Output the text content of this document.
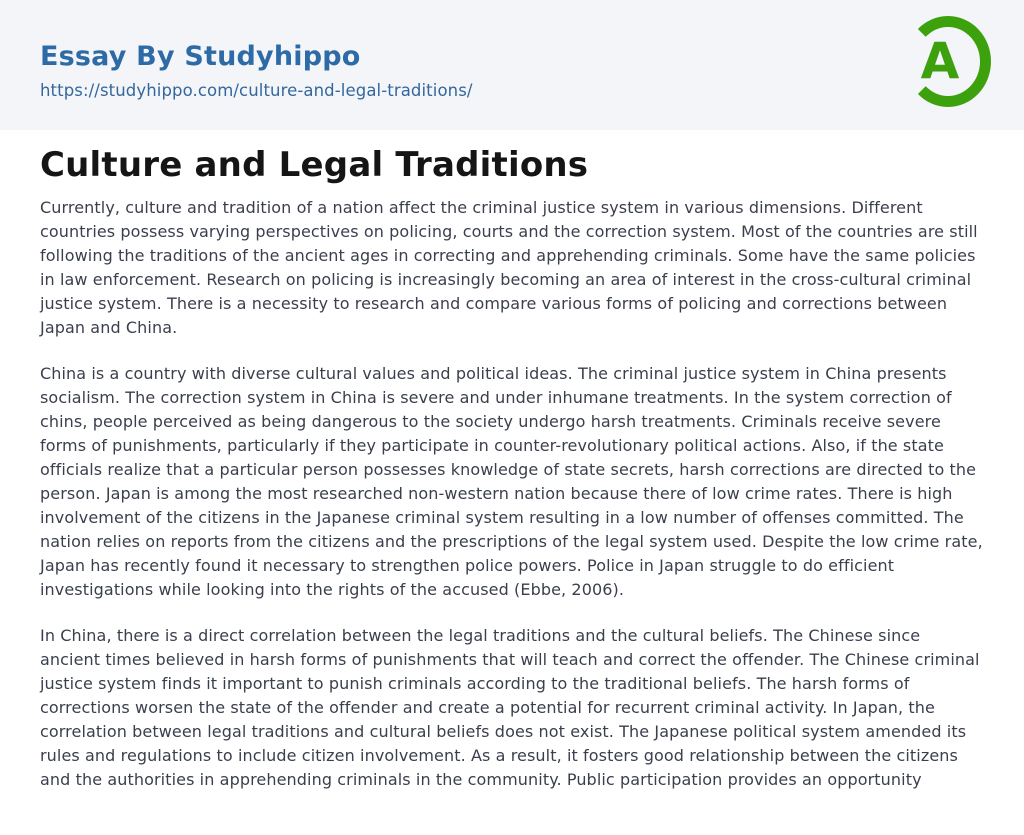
Essay By Studyhippo
https://studyhippo.com/culture-and-legal-traditions/
A
Culture and Legal Traditions

Currently, culture and tradition of a nation affect the criminal justice system in various dimensions. Different countries possess varying perspectives on policing, courts and the correction system. Most of the countries are still following the traditions of the ancient ages in correcting and apprehending criminals. Some have the same policies in law enforcement. Research on policing is increasingly becoming an area of interest in the cross-cultural criminal justice system. There is a necessity to research and compare various forms of policing and corrections between Japan and China.

China is a country with diverse cultural values and political ideas. The criminal justice system in China presents socialism. The correction system in China is severe and under inhumane treatments. In the system correction of chins, people perceived as being dangerous to the society undergo harsh treatments. Criminals receive severe forms of punishments, particularly if they participate in counter-revolutionary political actions. Also, if the state officials realize that a particular person possesses knowledge of state secrets, harsh corrections are directed to the person. Japan is among the most researched non-western nation because there of low crime rates. There is high involvement of the citizens in the Japanese criminal system resulting in a low number of offenses committed. The nation relies on reports from the citizens and the prescriptions of the legal system used. Despite the low crime rate, Japan has recently found it necessary to strengthen police powers. Police in Japan struggle to do efficient investigations while looking into the rights of the accused (Ebbe, 2006).

In China, there is a direct correlation between the legal traditions and the cultural beliefs. The Chinese since ancient times believed in harsh forms of punishments that will teach and correct the offender. The Chinese criminal justice system finds it important to punish criminals according to the traditional beliefs. The harsh forms of corrections worsen the state of the offender and create a potential for recurrent criminal activity. In Japan, the correlation between legal traditions and cultural beliefs does not exist. The Japanese political system amended its rules and regulations to include citizen involvement. As a result, it fosters good relationship between the citizens and the authorities in apprehending criminals in the community. Public participation provides an opportunity
